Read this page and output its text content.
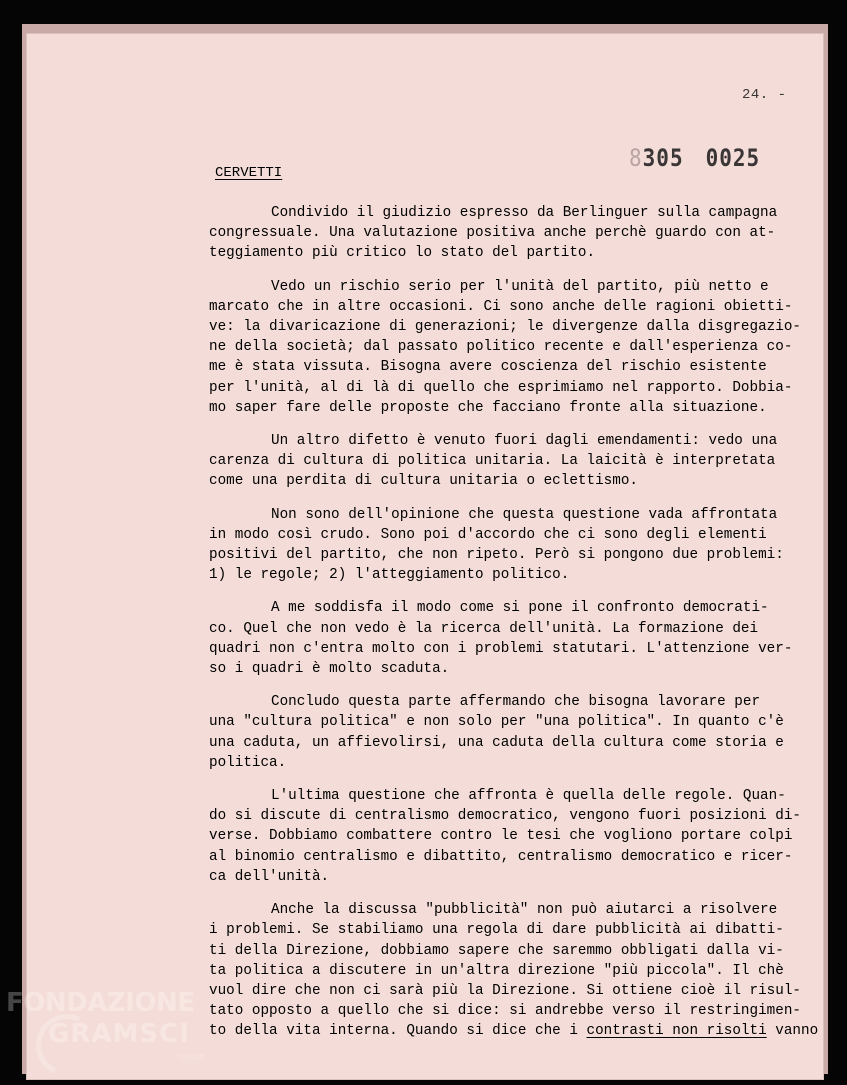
24. -
8305 0025
CERVETTI
Condivido il giudizio espresso da Berlinguer sulla campagna
congressuale. Una valutazione positiva anche perchè guardo con at-
teggiamento più critico lo stato del partito.
Vedo un rischio serio per l'unità del partito, più netto e
marcato che in altre occasioni. Ci sono anche delle ragioni obietti-
ve: la divaricazione di generazioni; le divergenze dalla disgregazio-
ne della società; dal passato politico recente e dall'esperienza co-
me è stata vissuta. Bisogna avere coscienza del rischio esistente
per l'unità, al di là di quello che esprimiamo nel rapporto. Dobbia-
mo saper fare delle proposte che facciano fronte alla situazione.
Un altro difetto è venuto fuori dagli emendamenti: vedo una
carenza di cultura di politica unitaria. La laicità è interpretata
come una perdita di cultura unitaria o eclettismo.
Non sono dell'opinione che questa questione vada affrontata
in modo così crudo. Sono poi d'accordo che ci sono degli elementi
positivi del partito, che non ripeto. Però si pongono due problemi:
1) le regole; 2) l'atteggiamento politico.
A me soddisfa il modo come si pone il confronto democrati-
co. Quel che non vedo è la ricerca dell'unità. La formazione dei
quadri non c'entra molto con i problemi statutari. L'attenzione ver-
so i quadri è molto scaduta.
Concludo questa parte affermando che bisogna lavorare per
una "cultura politica" e non solo per "una politica". In quanto c'è
una caduta, un affievolirsi, una caduta della cultura come storia e
politica.
L'ultima questione che affronta è quella delle regole. Quan-
do si discute di centralismo democratico, vengono fuori posizioni di-
verse. Dobbiamo combattere contro le tesi che vogliono portare colpi
al binomio centralismo e dibattito, centralismo democratico e ricer-
ca dell'unità.
Anche la discussa "pubblicità" non può aiutarci a risolvere
i problemi. Se stabiliamo una regola di dare pubblicità ai dibatti-
ti della Direzione, dobbiamo sapere che saremmo obbligati dalla vi-
ta politica a discutere in un'altra direzione "più piccola". Il chè
vuol dire che non ci sarà più la Direzione. Si ottiene cioè il risul-
tato opposto a quello che si dice: si andrebbe verso il restringimen-
to della vita interna. Quando si dice che i contrasti non risolti vanno
FONDAZIONE
GRAMSCI
onlus
